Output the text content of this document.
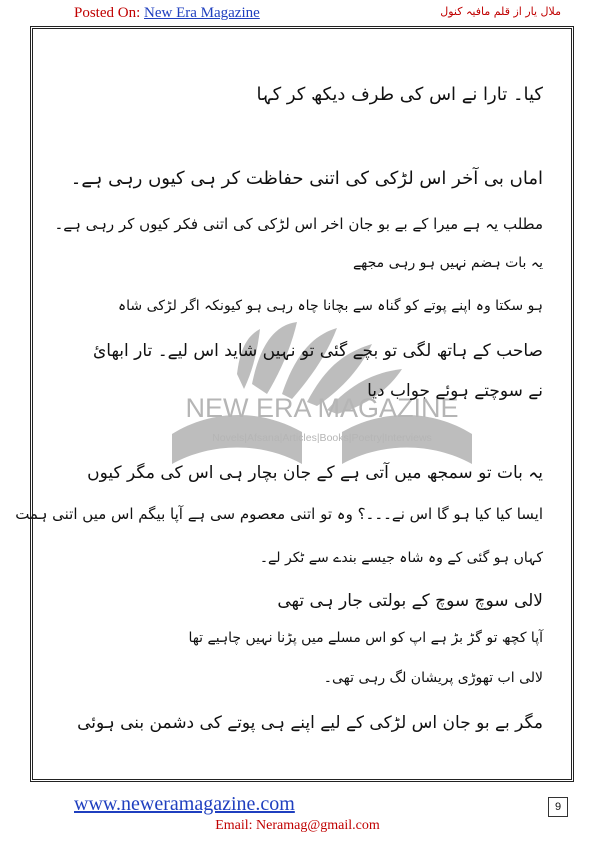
Posted On: New Era Magazine	ملال یار از قلم مافیہ کنول
NEW ERA MAGAZINE
Novels|Afsana|Articles|Books|Poetry|Interviews
کیا۔ تارا نے اس کی طرف دیکھ کر کہا
اماں بی آخر اس لڑکی کی اتنی حفاظت کر ہی کیوں رہی ہے۔
مطلب یہ ہے میرا کے بے بو جان اخر اس لڑکی کی اتنی فکر کیوں کر رہی ہے۔
یہ بات ہضم نہیں ہو رہی مجھے
ہو سکتا وہ اپنے پوتے کو گناہ سے بچانا چاہ رہی ہو کیونکہ اگر لڑکی شاہ
صاحب کے ہاتھ لگی تو بچے گئی تو نہیں شاید اس لیے۔ تار ابھائ
نے سوچتے ہوئے جواب دیا
یہ بات تو سمجھ میں آتی ہے کے جان بچار ہی اس کی مگر کیوں
ایسا کیا کیا ہو گا اس نے۔۔۔؟ وہ تو اتنی معصوم سی ہے آپا بیگم اس میں اتنی ہمت
کہاں ہو گئی کے وہ شاہ جیسے بندے سے ٹکر لے۔
لالی سوچ سوچ کے بولتی جار ہی تھی
آپا کچھ تو گڑ بڑ ہے اپ کو اس مسلے میں پڑنا نہیں چاہیے تھا
لالی اب تھوڑی پریشان لگ رہی تھی۔
مگر بے بو جان اس لڑکی کے لیے اپنے ہی پوتے کی دشمن بنی ہوئی
www.neweramagazine.com	9
Email: Neramag@gmail.com
